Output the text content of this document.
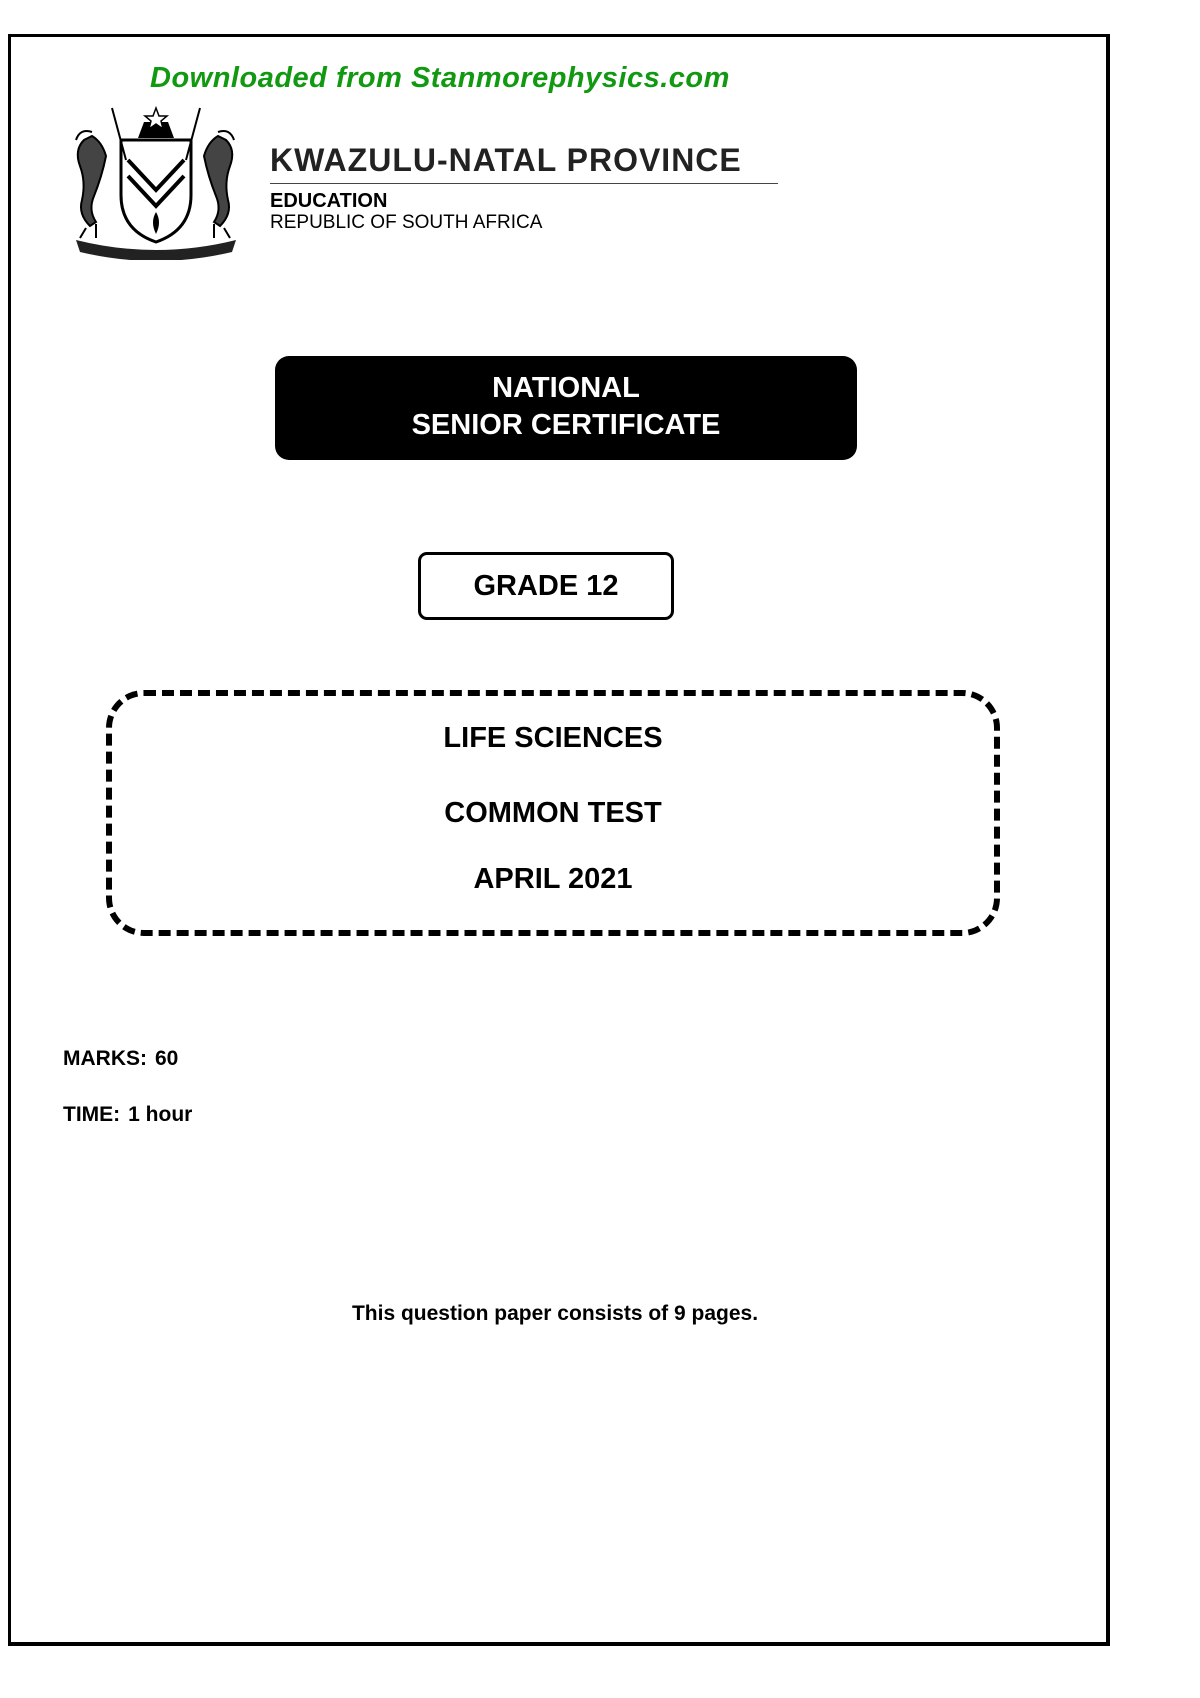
Downloaded from Stanmorephysics.com
KWAZULU-NATAL PROVINCE
EDUCATION
REPUBLIC OF SOUTH AFRICA
NATIONAL
SENIOR CERTIFICATE
GRADE 12
LIFE SCIENCES
COMMON TEST
APRIL 2021
MARKS: 60
TIME: 1 hour
This question paper consists of 9 pages.
